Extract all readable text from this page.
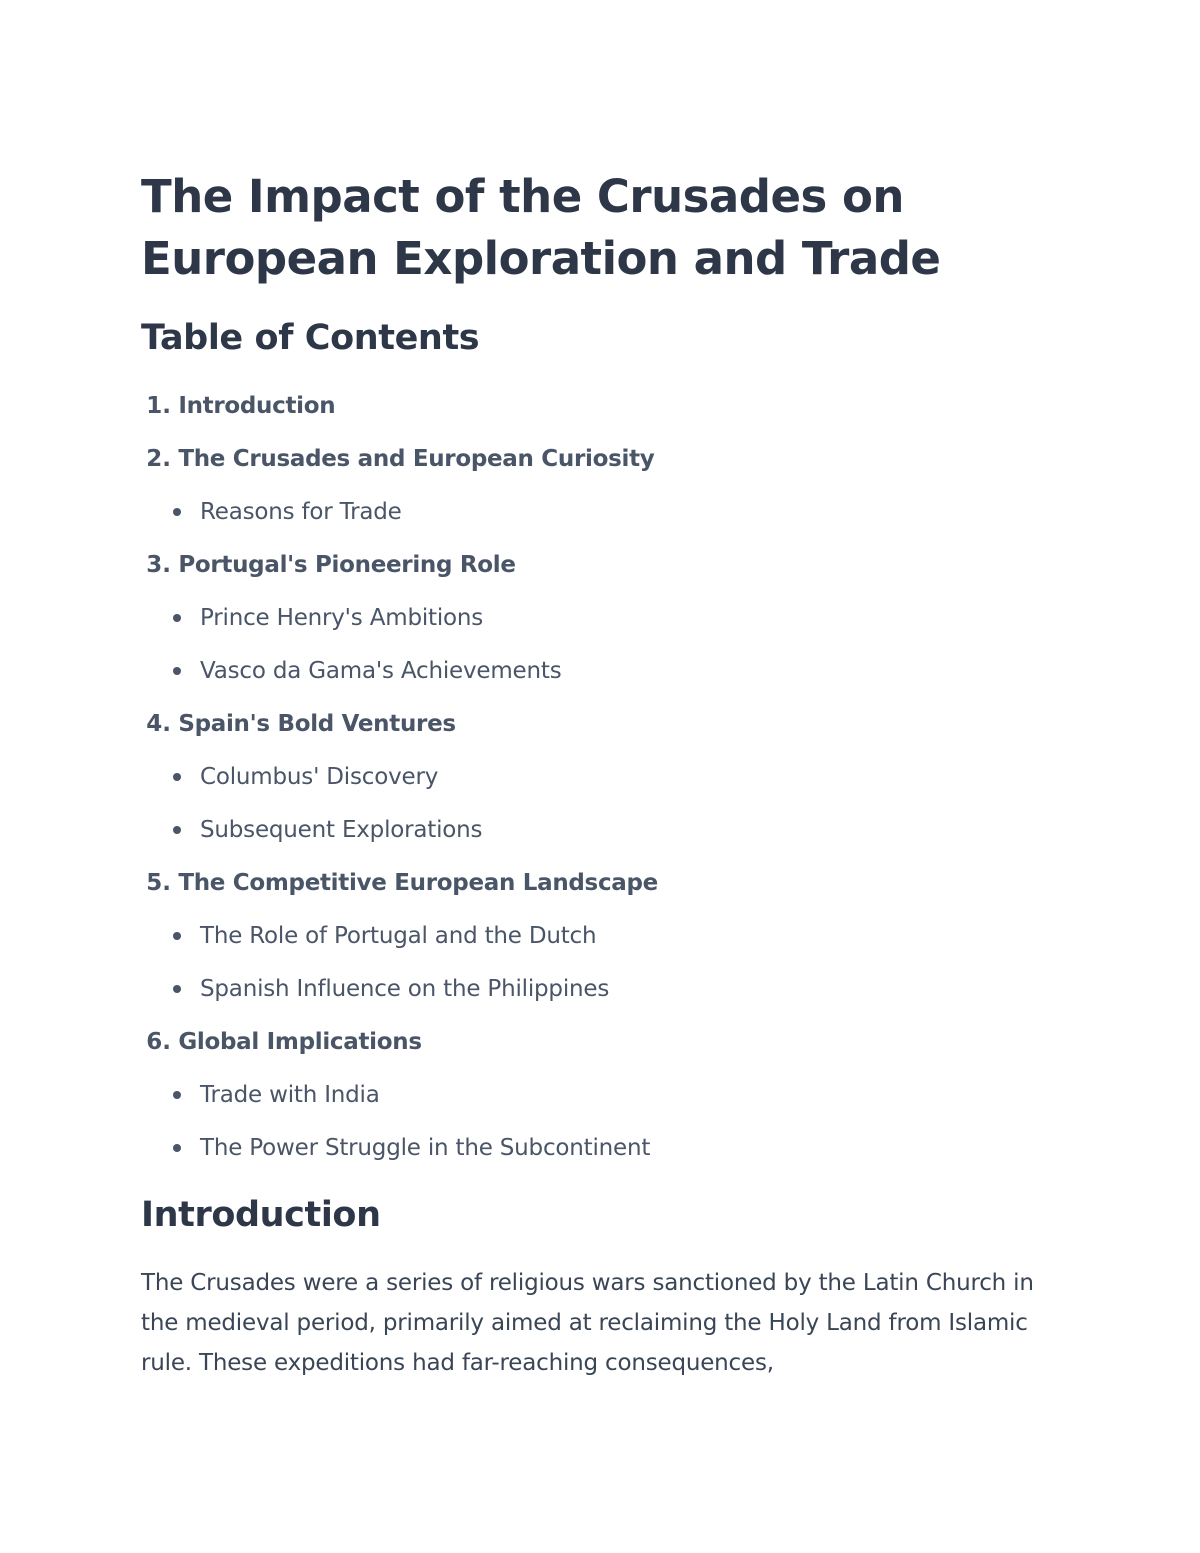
The Impact of the Crusades on European Exploration and Trade
Table of Contents
1. Introduction
2. The Crusades and European Curiosity
Reasons for Trade
3. Portugal's Pioneering Role
Prince Henry's Ambitions
Vasco da Gama's Achievements
4. Spain's Bold Ventures
Columbus' Discovery
Subsequent Explorations
5. The Competitive European Landscape
The Role of Portugal and the Dutch
Spanish Influence on the Philippines
6. Global Implications
Trade with India
The Power Struggle in the Subcontinent
Introduction

The Crusades were a series of religious wars sanctioned by the Latin Church in the medieval period, primarily aimed at reclaiming the Holy Land from Islamic rule. These expeditions had far-reaching consequences,
